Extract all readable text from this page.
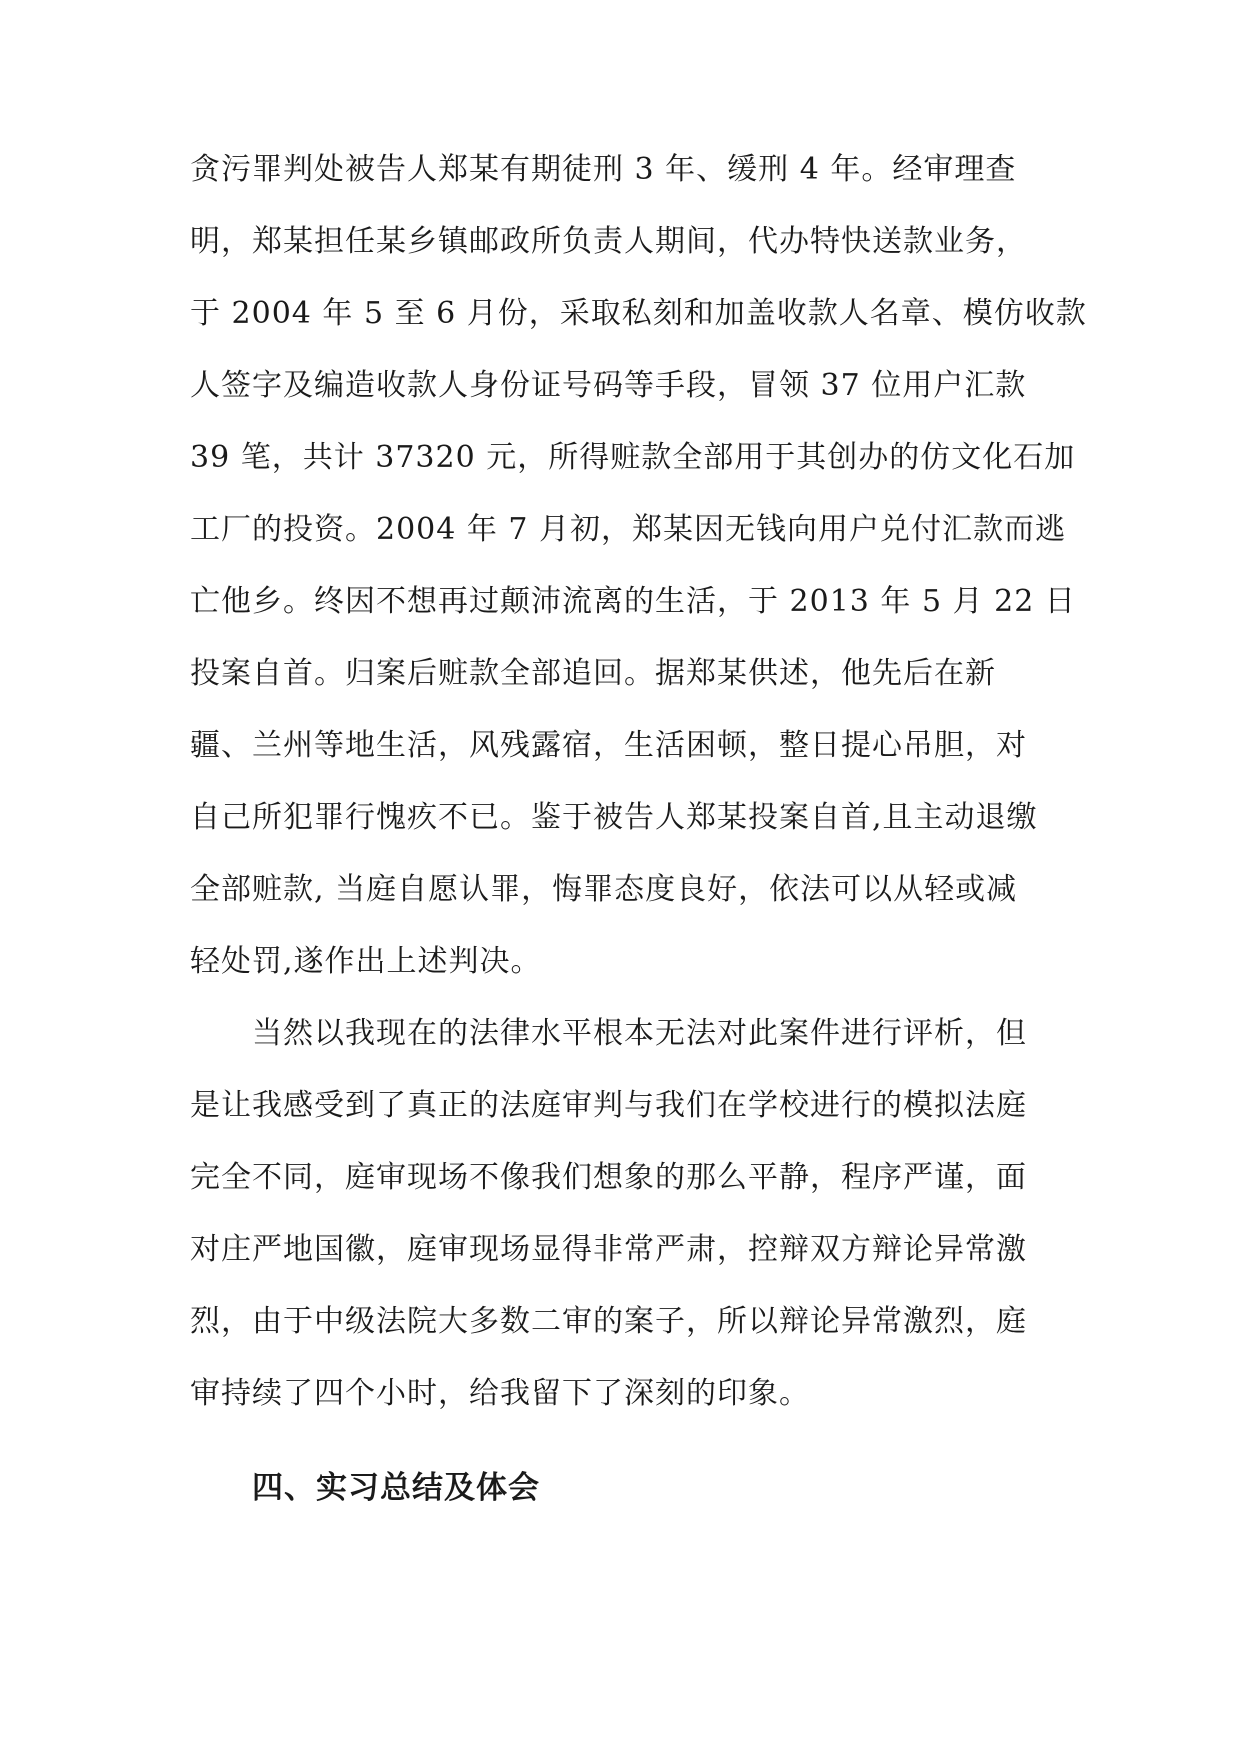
贪污罪判处被告人郑某有期徒刑 3 年、缓刑 4 年。经审理查
明，郑某担任某乡镇邮政所负责人期间，代办特快送款业务，
于 2004 年 5 至 6 月份，采取私刻和加盖收款人名章、模仿收款
人签字及编造收款人身份证号码等手段，冒领 37 位用户汇款
39 笔，共计 37320 元，所得赃款全部用于其创办的仿文化石加
工厂的投资。2004 年 7 月初，郑某因无钱向用户兑付汇款而逃
亡他乡。终因不想再过颠沛流离的生活，于 2013 年 5 月 22 日
投案自首。归案后赃款全部追回。据郑某供述，他先后在新
疆、兰州等地生活，风残露宿，生活困顿，整日提心吊胆，对
自己所犯罪行愧疚不已。鉴于被告人郑某投案自首,且主动退缴
全部赃款, 当庭自愿认罪，悔罪态度良好，依法可以从轻或减
轻处罚,遂作出上述判决。
当然以我现在的法律水平根本无法对此案件进行评析，但
是让我感受到了真正的法庭审判与我们在学校进行的模拟法庭
完全不同，庭审现场不像我们想象的那么平静，程序严谨，面
对庄严地国徽，庭审现场显得非常严肃，控辩双方辩论异常激
烈，由于中级法院大多数二审的案子，所以辩论异常激烈，庭
审持续了四个小时，给我留下了深刻的印象。
四、实习总结及体会
